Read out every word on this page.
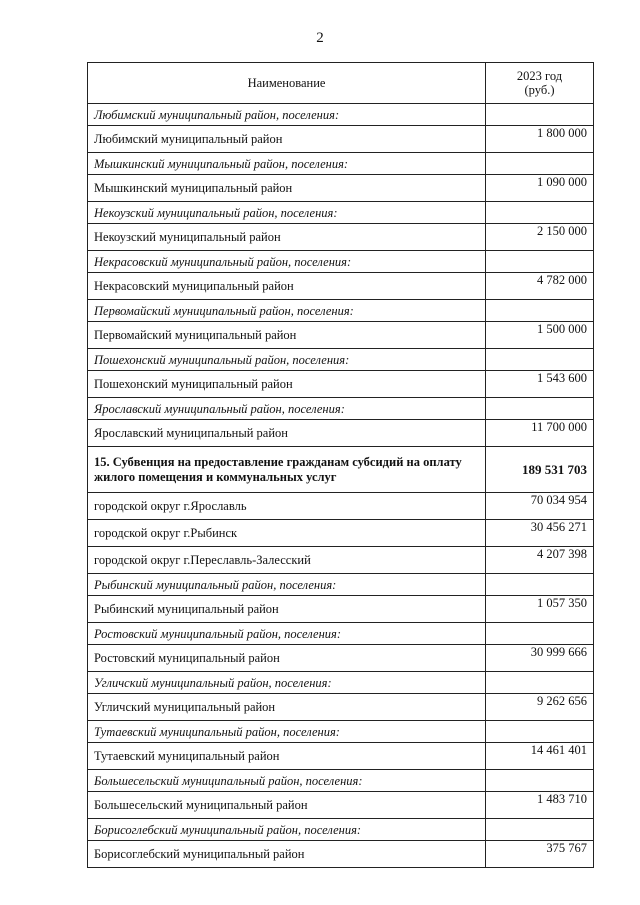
2
Наименование	2023 год
(руб.)
Любимский муниципальный район, поселения:	
Любимский муниципальный район	1 800 000
Мышкинский муниципальный район, поселения:	
Мышкинский муниципальный район	1 090 000
Некоузский муниципальный район, поселения:	
Некоузский муниципальный район	2 150 000
Некрасовский муниципальный район, поселения:	
Некрасовский муниципальный район	4 782 000
Первомайский муниципальный район, поселения:	
Первомайский муниципальный район	1 500 000
Пошехонский муниципальный район, поселения:	
Пошехонский муниципальный район	1 543 600
Ярославский муниципальный район, поселения:	
Ярославский муниципальный район	11 700 000
15. Субвенция на предоставление гражданам субсидий на оплату жилого помещения и коммунальных услуг	189 531 703
городской округ г.Ярославль	70 034 954
городской округ г.Рыбинск	30 456 271
городской округ г.Переславль-Залесский	4 207 398
Рыбинский муниципальный район, поселения:	
Рыбинский муниципальный район	1 057 350
Ростовский муниципальный район, поселения:	
Ростовский муниципальный район	30 999 666
Угличский муниципальный район, поселения:	
Угличский муниципальный район	9 262 656
Тутаевский муниципальный район, поселения:	
Тутаевский муниципальный район	14 461 401
Большесельский муниципальный район, поселения:	
Большесельский муниципальный район	1 483 710
Борисоглебский муниципальный район, поселения:	
Борисоглебский муниципальный район	375 767
